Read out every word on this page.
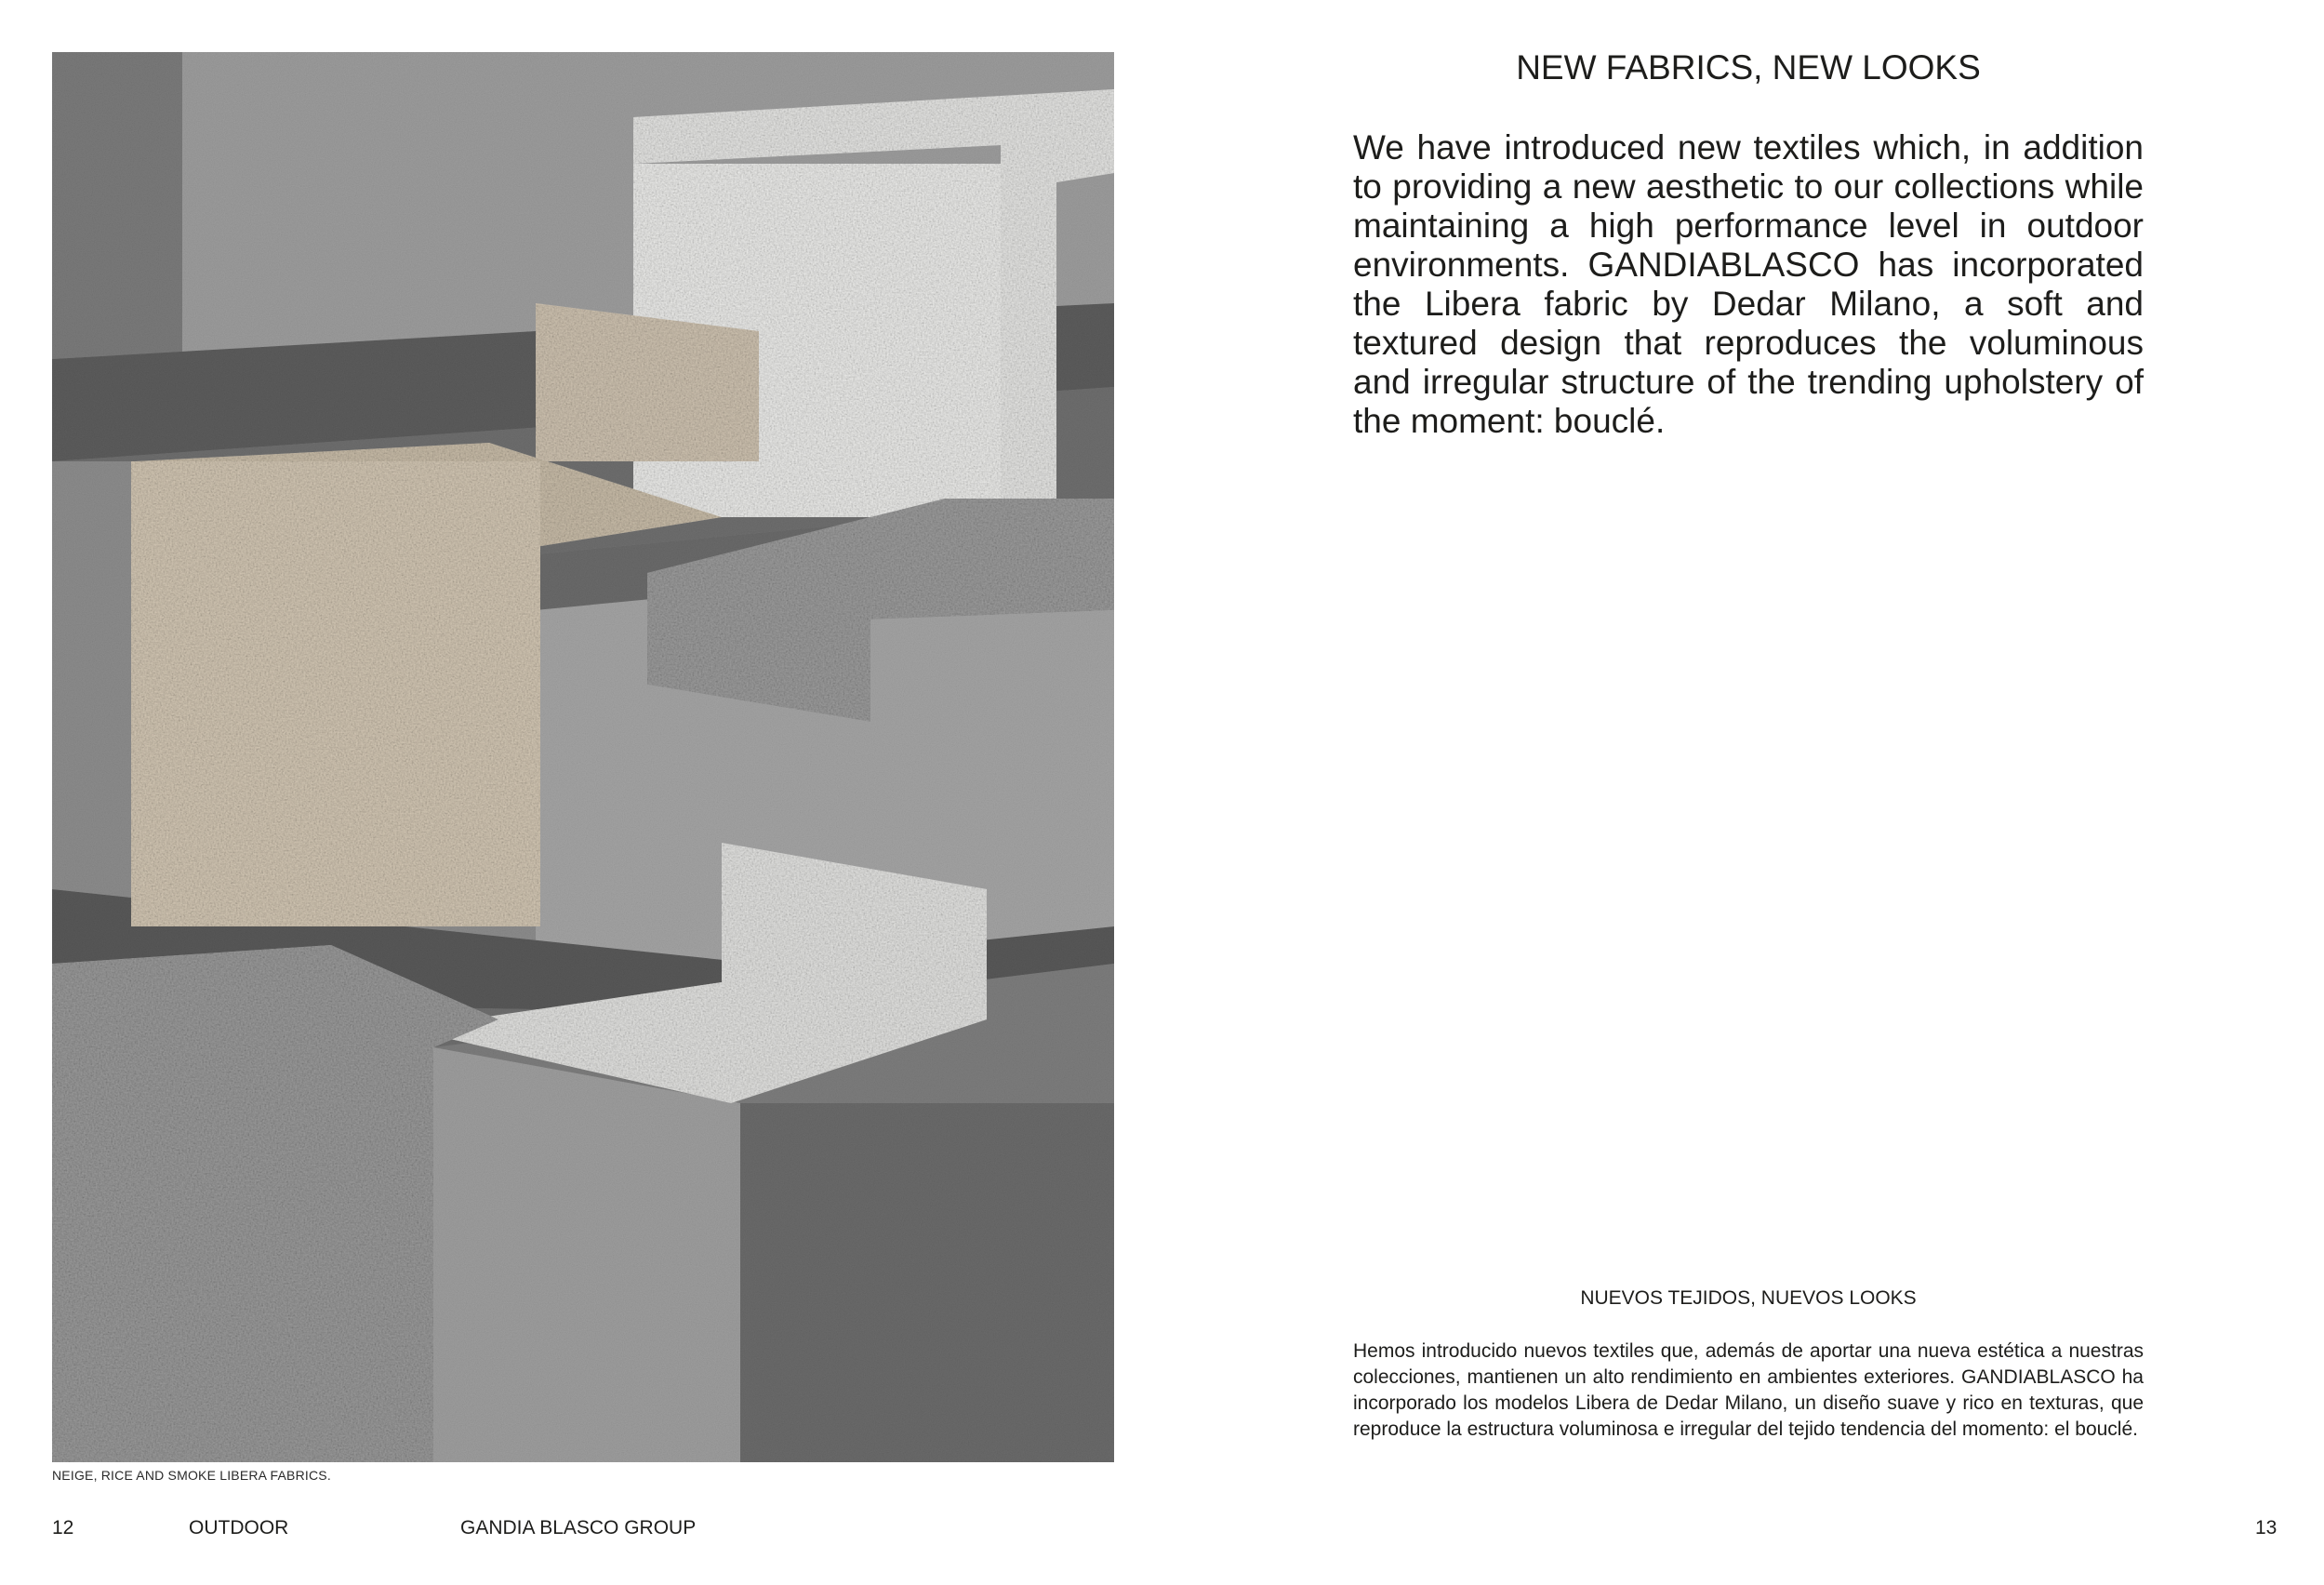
NEIGE, RICE AND SMOKE LIBERA FABRICS.
12	OUTDOOR	GANDIA BLASCO GROUP	13
NEW FABRICS, NEW LOOKS
We have introduced new textiles which, in addition to providing a new aesthetic to our collections while maintaining a high performance level in outdoor environments. GANDIABLASCO has incorporated the Libera fabric by Dedar Milano, a soft and textured design that reproduces the voluminous and irregular structure of the trending upholstery of the moment: bouclé.
NUEVOS TEJIDOS, NUEVOS LOOKS
Hemos introducido nuevos textiles que, además de aportar una nueva estética a nuestras colecciones, mantienen un alto rendimiento en ambientes exteriores. GANDIABLASCO ha incorporado los modelos Libera de Dedar Milano, un diseño suave y rico en texturas, que reproduce la estructura voluminosa e irregular del tejido tendencia del momento: el bouclé.
